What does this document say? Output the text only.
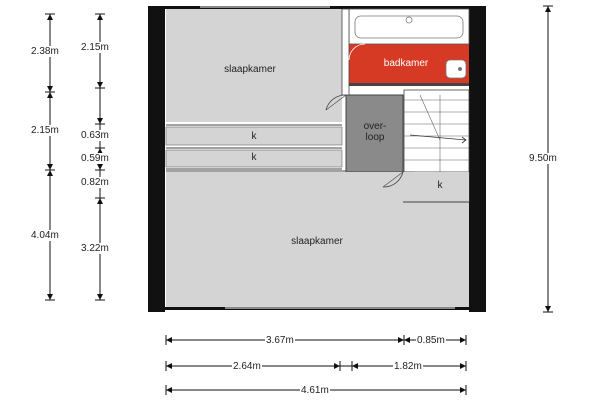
slaapkamer
badkamer
over-
loop
k
k
k
slaapkamer
2.38m
2.15m
4.04m
2.15m
0.63m
0.59m
0.82m
3.22m
9.50m
3.67m	0.85m
2.64m	1.82m
4.61m
